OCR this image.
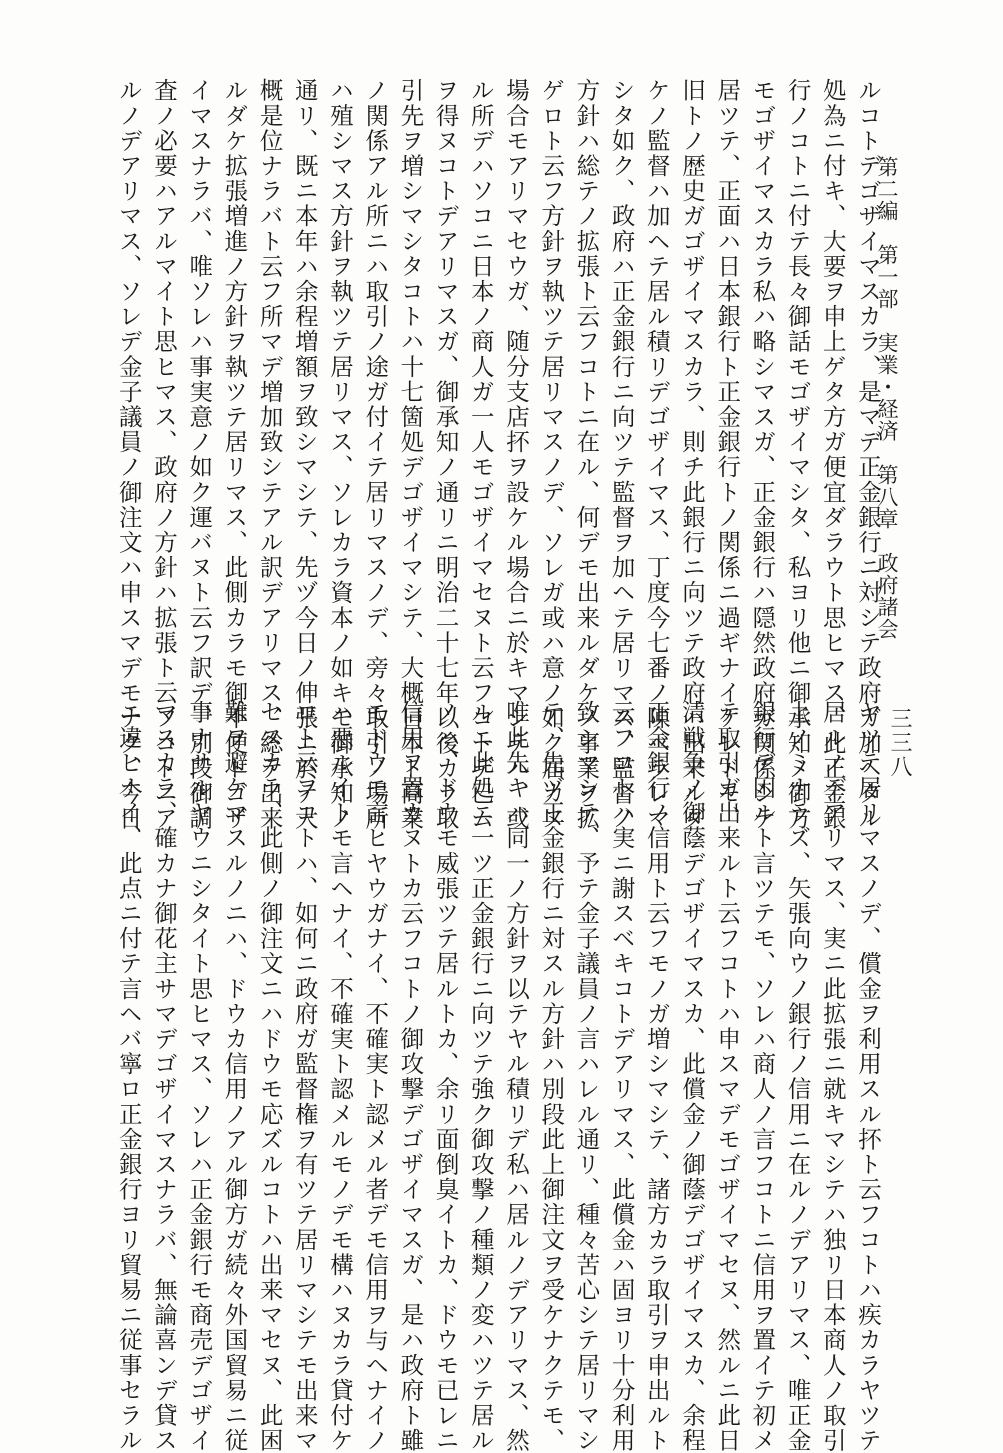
第二編　第一部　実業・経済　第八章　政府諸会
ルコトデゴザイマスカラ、是マデ正金銀行ニ対シテ政府ガ加ヘタル
処為ニ付キ、大要ヲ申上ゲタ方ガ便宜ダラウト思ヒマス、此正金銀
行ノコトニ付テ長々御話モゴザイマシタ、私ヨリ他ニ御承知ノ御方
モゴザイマスカラ私ハ略シマスガ、正金銀行ハ隠然政府ガ関係シテ
居ツテ、正面ハ日本銀行ト正金銀行トノ関係ニ過ギナイケレドモ、
旧トノ歴史ガゴザイマスカラ、則チ此銀行ニ向ツテ政府ハ出来ルダ
ケノ監督ハ加ヘテ居ル積リデゴザイマス、丁度今七番ノ陳ベラレマ
シタ如ク、政府ハ正金銀行ニ向ツテ監督ヲ加ヘテ居リマス、監督ノ
方針ハ総テノ拡張ト云フコトニ在ル、何デモ出来ルダケノ事業ヲ拡
ゲロト云フ方針ヲ執ツテ居リマスノデ、ソレガ或ハ意ノ如ク届カヌ
場合モアリマセウガ、随分支店抔ヲ設ケル場合ニ於キマシテハ、或
ル所デハソコニ日本ノ商人ガ一人モゴザイマセヌト云フコトデ已ム
ヲ得ヌコトデアリマスガ、御承知ノ通リニ明治二十七年以後カラ取
引先ヲ増シマシタコトハ十七箇処デゴザイマシテ、大概日本ト商業
ノ関係アル所ニハ取引ノ途ガ付イテ居リマスノデ、旁々取引ノ場所
ハ殖シマス方針ヲ執ツテ居リマス、ソレカラ資本ノ如キモ御承知ノ
通リ、既ニ本年ハ余程増額ヲ致シマシテ、先ヅ今日ノ伸張ニ於テ大
概是位ナラバト云フ所マデ増加致シテアル訳デアリマス、総テ出来
ルダケ拡張増進ノ方針ヲ執ツテ居リマス、此側カラモ御不便トゴザ
イマスナラバ、唯ソレハ事実意ノ如ク運バヌト云フ訳デ、別段御調
査ノ必要ハアルマイト思ヒマス、政府ノ方針ハ拡張ト云フコトニア
ルノデアリマス、ソレデ金子議員ノ御注文ハ申スマデモナク、今日
ヤツテ居リマスノデ、償金ヲ利用スル抔ト云フコトハ疾カラヤツテ
居ルノデアリマス、実ニ此拡張ニ就キマシテハ独リ日本商人ノ取引
上ノミナラズ、矢張向ウノ銀行ノ信用ニ在ルノデアリマス、唯正金
銀行デ困ルト言ツテモ、ソレハ商人ノ言フコトニ信用ヲ置イテ初メ
テ取引ガ出来ルト云フコトハ申スマデモゴザイマセヌ、然ルニ此日
清戦争ノ御蔭デゴザイマスカ、此償金ノ御蔭デゴザイマスカ、余程
正金銀行ノ信用ト云フモノガ増シマシテ、諸方カラ取引ヲ申出ルト
云フコトハ実ニ謝スベキコトデアリマス、此償金ハ固ヨリ十分利用
致シマシテ、予テ金子議員ノ言ハレル通リ、種々苦心シテ居リマシ
テ、先ヅ正金銀行ニ対スル方針ハ別段此上御注文ヲ受ケナクテモ、
唯此先キハ同一ノ方針ヲ以テヤル積リデ私ハ居ルノデアリマス、然
ルニ此処ニ一ツ正金銀行ニ向ツテ強ク御攻撃ノ種類ノ変ハツテ居ル
ノハ、ドウモ威張ツテ居ルトカ、余リ面倒臭イトカ、ドウモ已レニ
信用ヲ置カヌトカ云フコトノ御攻撃デゴザイマスガ、是ハ政府ト雖
モドウモ言ヒヤウガナイ、不確実ト認メル者デモ信用ヲ与ヘナイノ
ハ悪ルイトモ言ヘナイ、不確実ト認メルモノデモ構ハヌカラ貸付ケ
ロト云フコトハ、如何ニ政府ガ監督権ヲ有ツテ居リマシテモ出来マ
セヌカラ、此側ノ御注文ニハドウモ応ズルコトハ出来マセヌ、此困
難ヲ避ケマスルノニハ、ドウカ信用ノアル御方ガ続々外国貿易ニ従
事ナサルヤウニシタイト思ヒマス、ソレハ正金銀行モ商売デゴザイ
マスカラ、確カナ御花主サマデゴザイマスナラバ、無論喜ンデ貸ス
ニ違ヒナイ、此点ニ付テ言ヘバ寧ロ正金銀行ヨリ貿易ニ従事セラル	三三八
